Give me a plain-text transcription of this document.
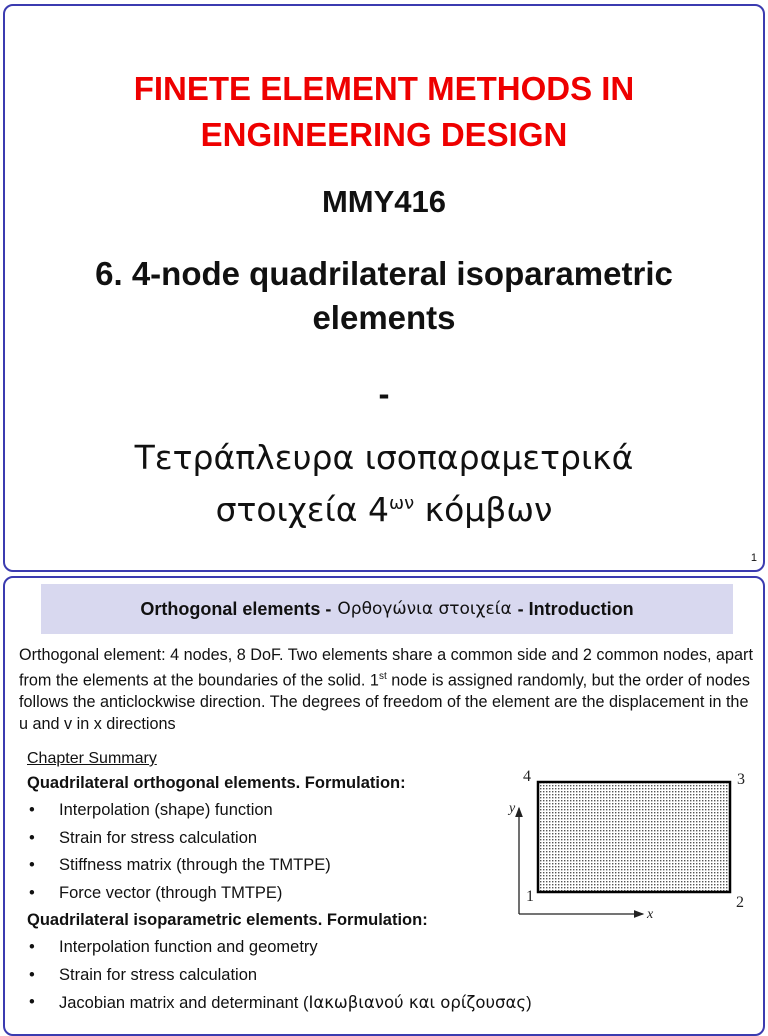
FINETE ELEMENT METHODS IN
ENGINEERING DESIGN
MMY416
6. 4-node quadrilateral isoparametric
elements
-
Τετράπλευρα ισοπαραμετρικά
στοιχεία $4^{\omega\nu}$ κόμβων
1
Orthogonal elements - Ορθογώνια στοιχεία - Introduction
Orthogonal element: 4 nodes, 8 DoF. Two elements share a common side and 2 common nodes, apart from the elements at the boundaries of the solid. 1st node is assigned randomly, but the order of nodes follows the anticlockwise direction. The degrees of freedom of the element are the displacement in the u and v in x directions
Chapter Summary
Quadrilateral orthogonal elements. Formulation:
• Interpolation (shape) function
• Strain for stress calculation
• Stiffness matrix (through the TMTPE)
• Force vector (through TMTPE)
Quadrilateral isoparametric elements. Formulation:
• Interpolation function and geometry
• Strain for stress calculation
• Jacobian matrix and determinant (Ιακωβιανού και ορίζουσας)
y
x
4	3
1	2
